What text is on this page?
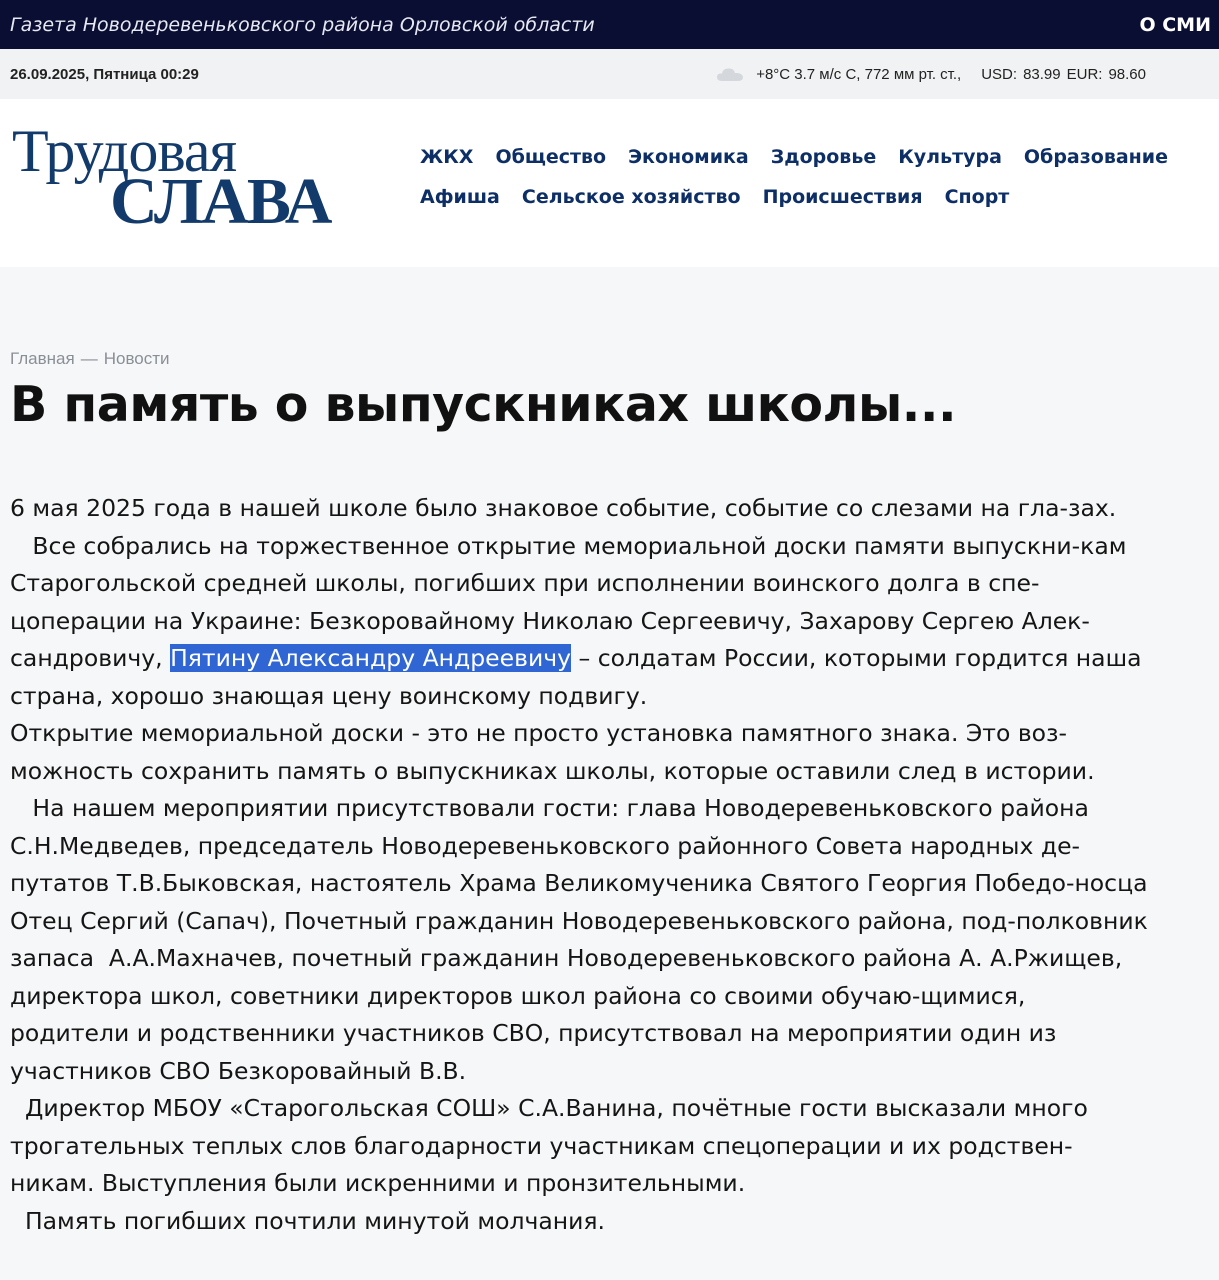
Газета Новодеревеньковского района Орловской области	О СМИ
26.09.2025, Пятница 00:29	+8°C 3.7 м/с С, 772 мм рт. ст., USD: 83.99 EUR: 98.60
Трудовая
СЛАВА
ЖКХ Общество Экономика Здоровье Культура Образование
Афиша Сельское хозяйство Происшествия Спорт
Главная — Новости
В память о выпускниках школы...

6 мая 2025 года в нашей школе было знаковое событие, событие со слезами на гла-зах.

Все собрались на торжественное открытие мемориальной доски памяти выпускни-кам Старогольской средней школы, погибших при исполнении воинского долга в спе-цоперации на Украине: Безкоровайному Николаю Сергеевичу, Захарову Сергею Алек-сандровичу, Пятину Александру Андреевичу – солдатам России, которыми гордится наша страна, хорошо знающая цену воинскому подвигу.

Открытие мемориальной доски - это не просто установка памятного знака. Это воз-можность сохранить память о выпускниках школы, которые оставили след в истории.

На нашем мероприятии присутствовали гости: глава Новодеревеньковского района С.Н.Медведев, председатель Новодеревеньковского районного Совета народных де-путатов Т.В.Быковская, настоятель Храма Великомученика Святого Георгия Победо-носца Отец Сергий (Сапач), Почетный гражданин Новодеревеньковского района, под-полковник запаса  А.А.Махначев, почетный гражданин Новодеревеньковского района А. А.Ржищев, директора школ, советники директоров школ района со своими обучаю-щимися, родители и родственники участников СВО, присутствовал на мероприятии один из участников СВО Безкоровайный В.В.

Директор МБОУ «Старогольская СОШ» С.А.Ванина, почётные гости высказали много трогательных теплых слов благодарности участникам спецоперации и их родствен-никам. Выступления были искренними и пронзительными.

Память погибших почтили минутой молчания.
